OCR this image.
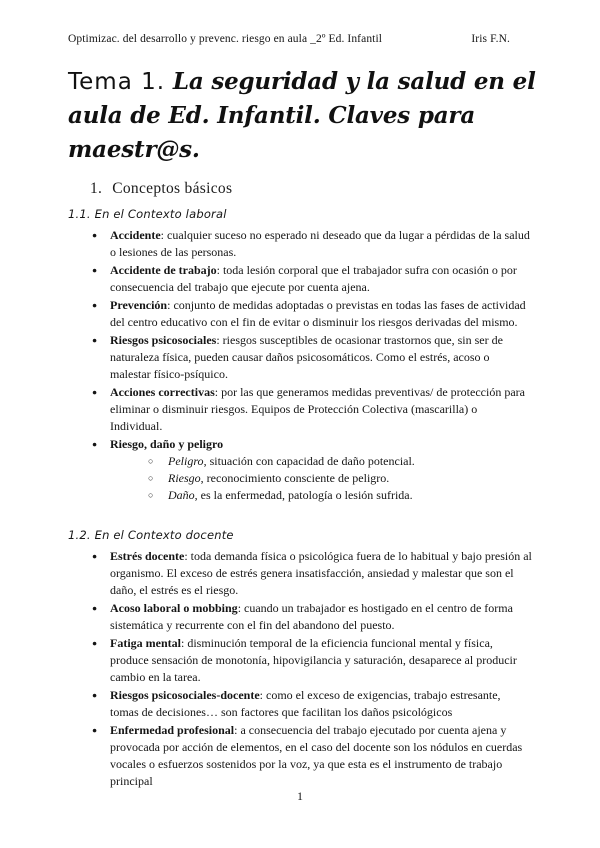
Optimizac. del desarrollo y prevenc. riesgo en aula _2º Ed. Infantil	Iris F.N.
Tema 1. La seguridad y la salud en el aula de Ed. Infantil. Claves para maestr@s.
1. Conceptos básicos
1.1. En el Contexto laboral
● Accidente: cualquier suceso no esperado ni deseado que da lugar a pérdidas de la salud o lesiones de las personas.
● Accidente de trabajo: toda lesión corporal que el trabajador sufra con ocasión o por consecuencia del trabajo que ejecute por cuenta ajena.
● Prevención: conjunto de medidas adoptadas o previstas en todas las fases de actividad del centro educativo con el fin de evitar o disminuir los riesgos derivadas del mismo.
● Riesgos psicosociales: riesgos susceptibles de ocasionar trastornos que, sin ser de naturaleza física, pueden causar daños psicosomáticos. Como el estrés, acoso o malestar físico-psíquico.
● Acciones correctivas: por las que generamos medidas preventivas/ de protección para eliminar o disminuir riesgos. Equipos de Protección Colectiva (mascarilla) o Individual.
● Riesgo, daño y peligro
○ Peligro, situación con capacidad de daño potencial.
○ Riesgo, reconocimiento consciente de peligro.
○ Daño, es la enfermedad, patología o lesión sufrida.
1.2. En el Contexto docente
● Estrés docente: toda demanda física o psicológica fuera de lo habitual y bajo presión al organismo. El exceso de estrés genera insatisfacción, ansiedad y malestar que son el daño, el estrés es el riesgo.
● Acoso laboral o mobbing: cuando un trabajador es hostigado en el centro de forma sistemática y recurrente con el fin del abandono del puesto.
● Fatiga mental: disminución temporal de la eficiencia funcional mental y física, produce sensación de monotonía, hipovigilancia y saturación, desaparece al producir cambio en la tarea.
● Riesgos psicosociales-docente: como el exceso de exigencias, trabajo estresante, tomas de decisiones… son factores que facilitan los daños psicológicos
● Enfermedad profesional: a consecuencia del trabajo ejecutado por cuenta ajena y provocada por acción de elementos, en el caso del docente son los nódulos en cuerdas vocales o esfuerzos sostenidos por la voz, ya que esta es el instrumento de trabajo principal
1
